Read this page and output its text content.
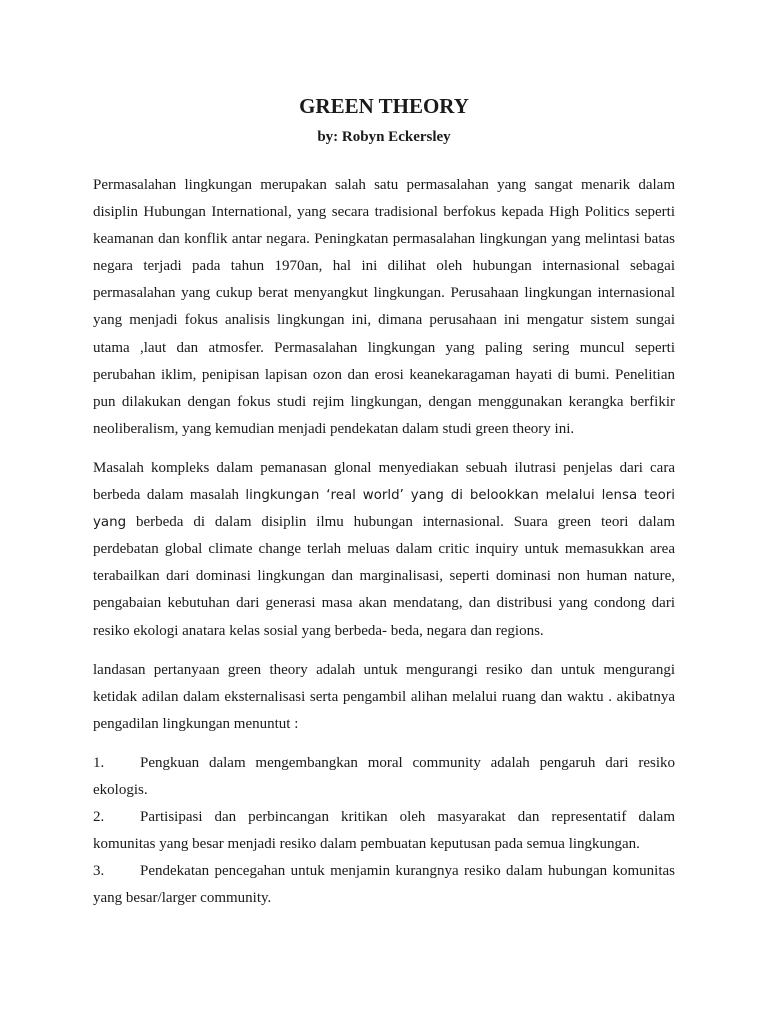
GREEN THEORY

by: Robyn Eckersley

Permasalahan lingkungan merupakan salah satu permasalahan yang sangat menarik dalam disiplin Hubungan International, yang secara tradisional berfokus kepada High Politics seperti keamanan dan konflik antar negara. Peningkatan permasalahan lingkungan yang melintasi batas negara terjadi pada tahun 1970an, hal ini dilihat oleh hubungan internasional sebagai permasalahan yang cukup berat menyangkut lingkungan. Perusahaan lingkungan internasional yang menjadi fokus analisis lingkungan ini, dimana perusahaan ini mengatur sistem sungai utama ,laut dan atmosfer. Permasalahan lingkungan yang paling sering muncul seperti perubahan iklim, penipisan lapisan ozon dan erosi keanekaragaman hayati di bumi. Penelitian pun dilakukan dengan fokus studi rejim lingkungan, dengan menggunakan kerangka berfikir neoliberalism, yang kemudian menjadi pendekatan dalam studi green theory ini.

Masalah kompleks dalam pemanasan glonal menyediakan sebuah ilutrasi penjelas dari cara berbeda dalam masalah lingkungan ‘real world’ yang di belookkan melalui lensa teori yang berbeda di dalam disiplin ilmu hubungan internasional. Suara green teori dalam perdebatan global climate change terlah meluas dalam critic inquiry untuk memasukkan area terabailkan dari dominasi lingkungan dan marginalisasi, seperti dominasi non human nature, pengabaian kebutuhan dari generasi masa akan mendatang, dan distribusi yang condong dari resiko ekologi anatara kelas sosial yang berbeda- beda, negara dan regions.

landasan pertanyaan green theory adalah untuk mengurangi resiko dan untuk mengurangi ketidak adilan dalam eksternalisasi serta pengambil alihan melalui ruang dan waktu . akibatnya pengadilan lingkungan menuntut :

1. Pengkuan dalam mengembangkan moral community adalah pengaruh dari resiko ekologis.
2. Partisipasi dan perbincangan kritikan oleh masyarakat dan representatif dalam komunitas yang besar menjadi resiko dalam pembuatan keputusan pada semua lingkungan.
3. Pendekatan pencegahan untuk menjamin kurangnya resiko dalam hubungan komunitas yang besar/larger community.
